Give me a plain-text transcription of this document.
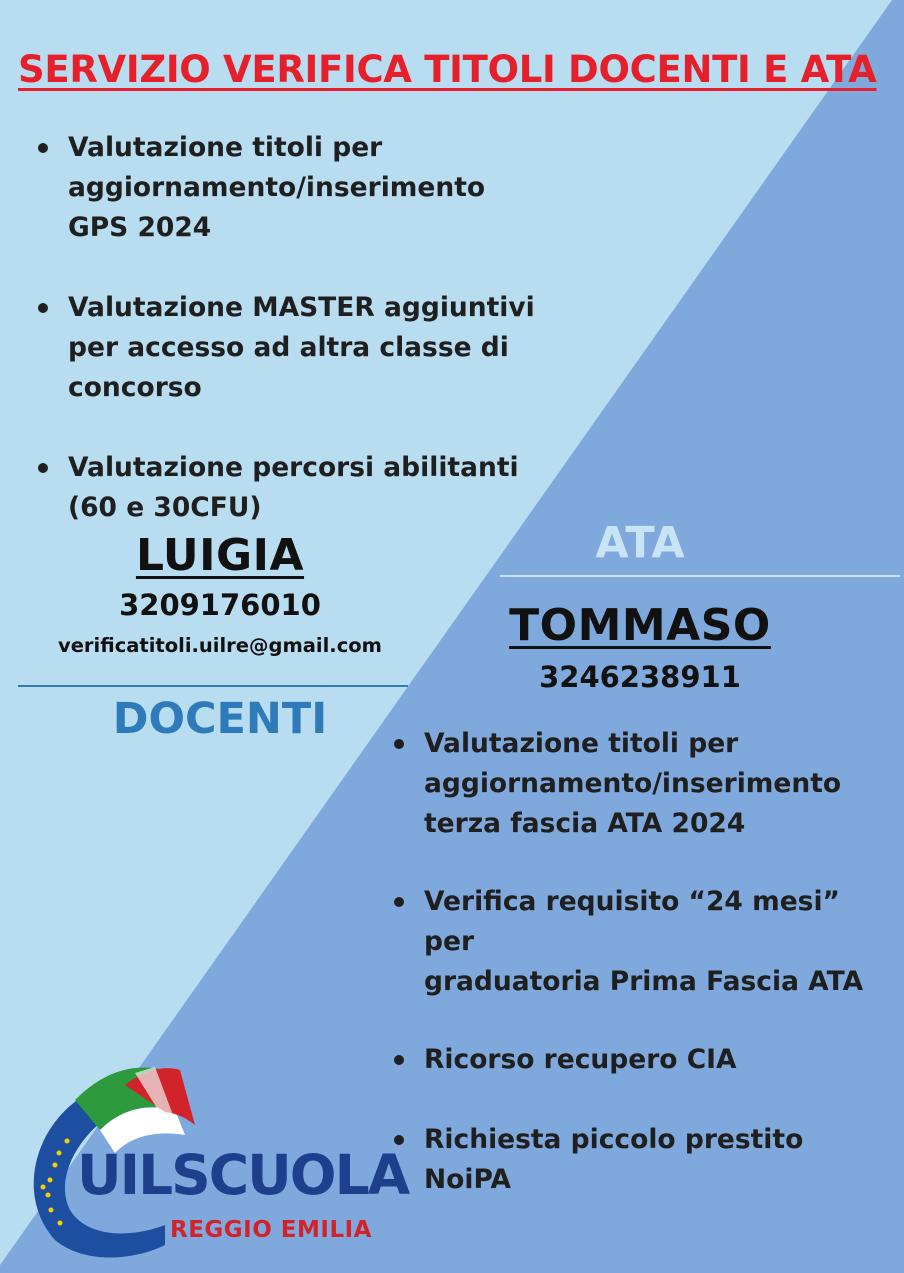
SERVIZIO VERIFICA TITOLI DOCENTI E ATA
Valutazione titoli per
aggiornamento/inserimento
GPS 2024
Valutazione MASTER aggiuntivi
per accesso ad altra classe di
concorso
Valutazione percorsi abilitanti
(60 e 30CFU)
LUIGIA
3209176010
verificatitoli.uilre@gmail.com
DOCENTI
ATA
TOMMASO
3246238911
Valutazione titoli per
aggiornamento/inserimento
terza fascia ATA 2024
Verifica requisito “24 mesi” per
graduatoria Prima Fascia ATA
Ricorso recupero CIA
Richiesta piccolo prestito NoiPA
UILSCUOLA
REGGIO EMILIA
